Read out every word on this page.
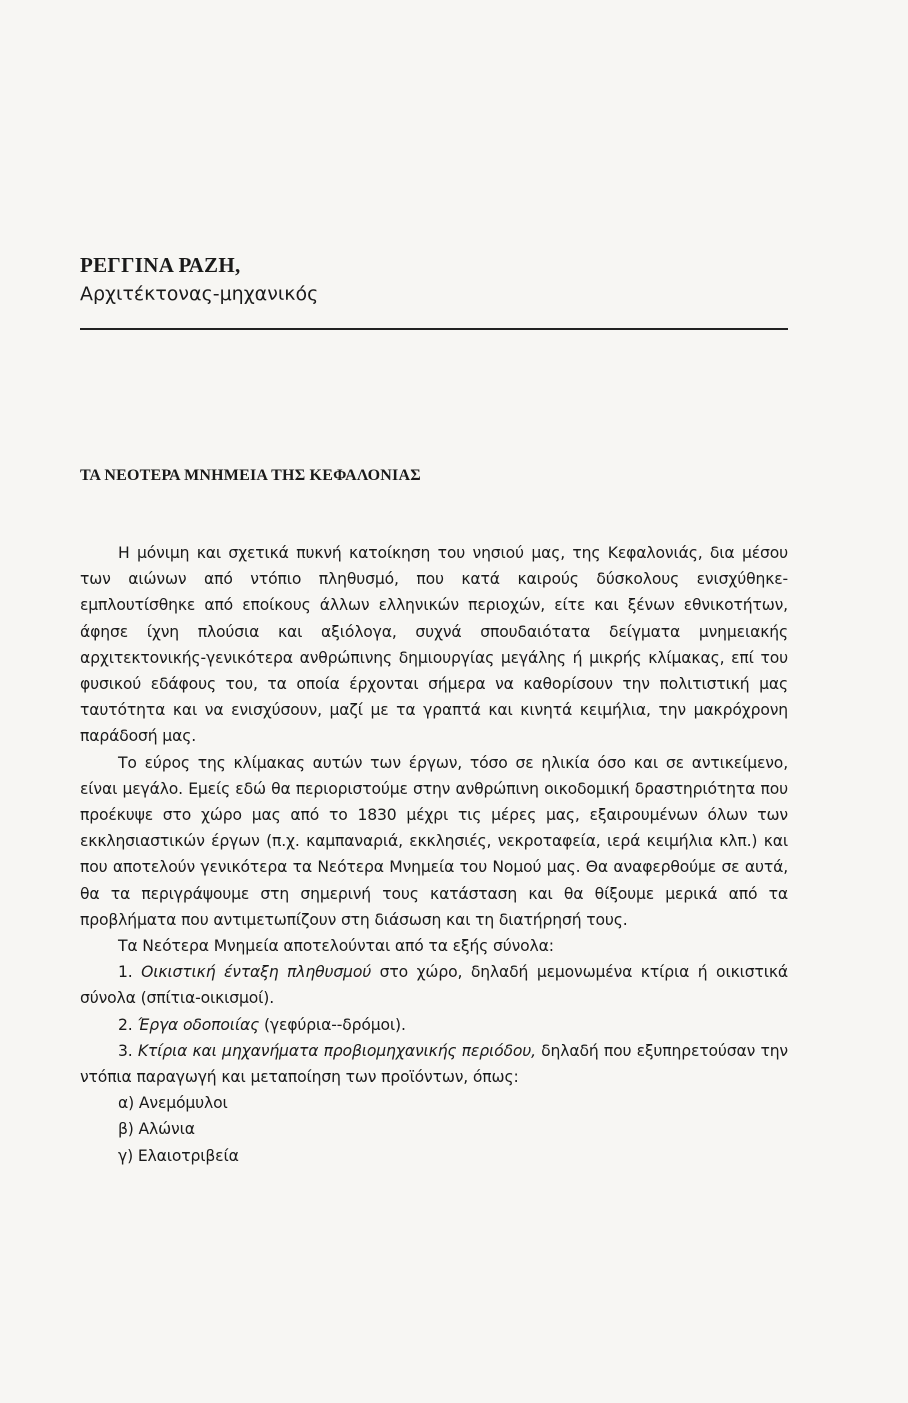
ΡΕΓΓΙΝΑ ΡΑΖΗ,

Αρχιτέκτονας-μηχανικός

ΤΑ ΝΕΟΤΕΡΑ ΜΝΗΜΕΙΑ ΤΗΣ ΚΕΦΑΛΟΝΙΑΣ

Η μόνιμη και σχετικά πυκνή κατοίκηση του νησιού μας, της Κεφαλονιάς, δια μέσου των αιώνων από ντόπιο πληθυσμό, που κατά καιρούς δύσκολους ενισχύθηκε-εμπλουτίσθηκε από εποίκους άλλων ελληνικών περιοχών, είτε και ξένων εθνικοτήτων, άφησε ίχνη πλούσια και αξιόλογα, συχνά σπουδαιότατα δείγματα μνημειακής αρχιτεκτονικής-γενικότερα ανθρώπινης δημιουργίας μεγάλης ή μικρής κλίμακας, επί του φυσικού εδάφους του, τα οποία έρχονται σήμερα να καθορίσουν την πολιτιστική μας ταυτότητα και να ενισχύσουν, μαζί με τα γραπτά και κινητά κειμήλια, την μακρόχρονη παράδοσή μας.

Το εύρος της κλίμακας αυτών των έργων, τόσο σε ηλικία όσο και σε αντικείμενο, είναι μεγάλο. Εμείς εδώ θα περιοριστούμε στην ανθρώπινη οικοδομική δραστηριότητα που προέκυψε στο χώρο μας από το 1830 μέχρι τις μέρες μας, εξαιρουμένων όλων των εκκλησιαστικών έργων (π.χ. καμπαναριά, εκκλησιές, νεκροταφεία, ιερά κειμήλια κλπ.) και που αποτελούν γενικότερα τα Νεότερα Μνημεία του Νομού μας. Θα αναφερθούμε σε αυτά, θα τα περιγράψουμε στη σημερινή τους κατάσταση και θα θίξουμε μερικά από τα προβλήματα που αντιμετωπίζουν στη διάσωση και τη διατήρησή τους.

Τα Νεότερα Μνημεία αποτελούνται από τα εξής σύνολα:

1. Οικιστική ένταξη πληθυσμού στο χώρο, δηλαδή μεμονωμένα κτίρια ή οικιστικά σύνολα (σπίτια-οικισμοί).

2. Έργα οδοποιίας (γεφύρια--δρόμοι).

3. Κτίρια και μηχανήματα προβιομηχανικής περιόδου, δηλαδή που εξυπηρετούσαν την ντόπια παραγωγή και μεταποίηση των προϊόντων, όπως:

α) Ανεμόμυλοι

β) Αλώνια

γ) Ελαιοτριβεία
